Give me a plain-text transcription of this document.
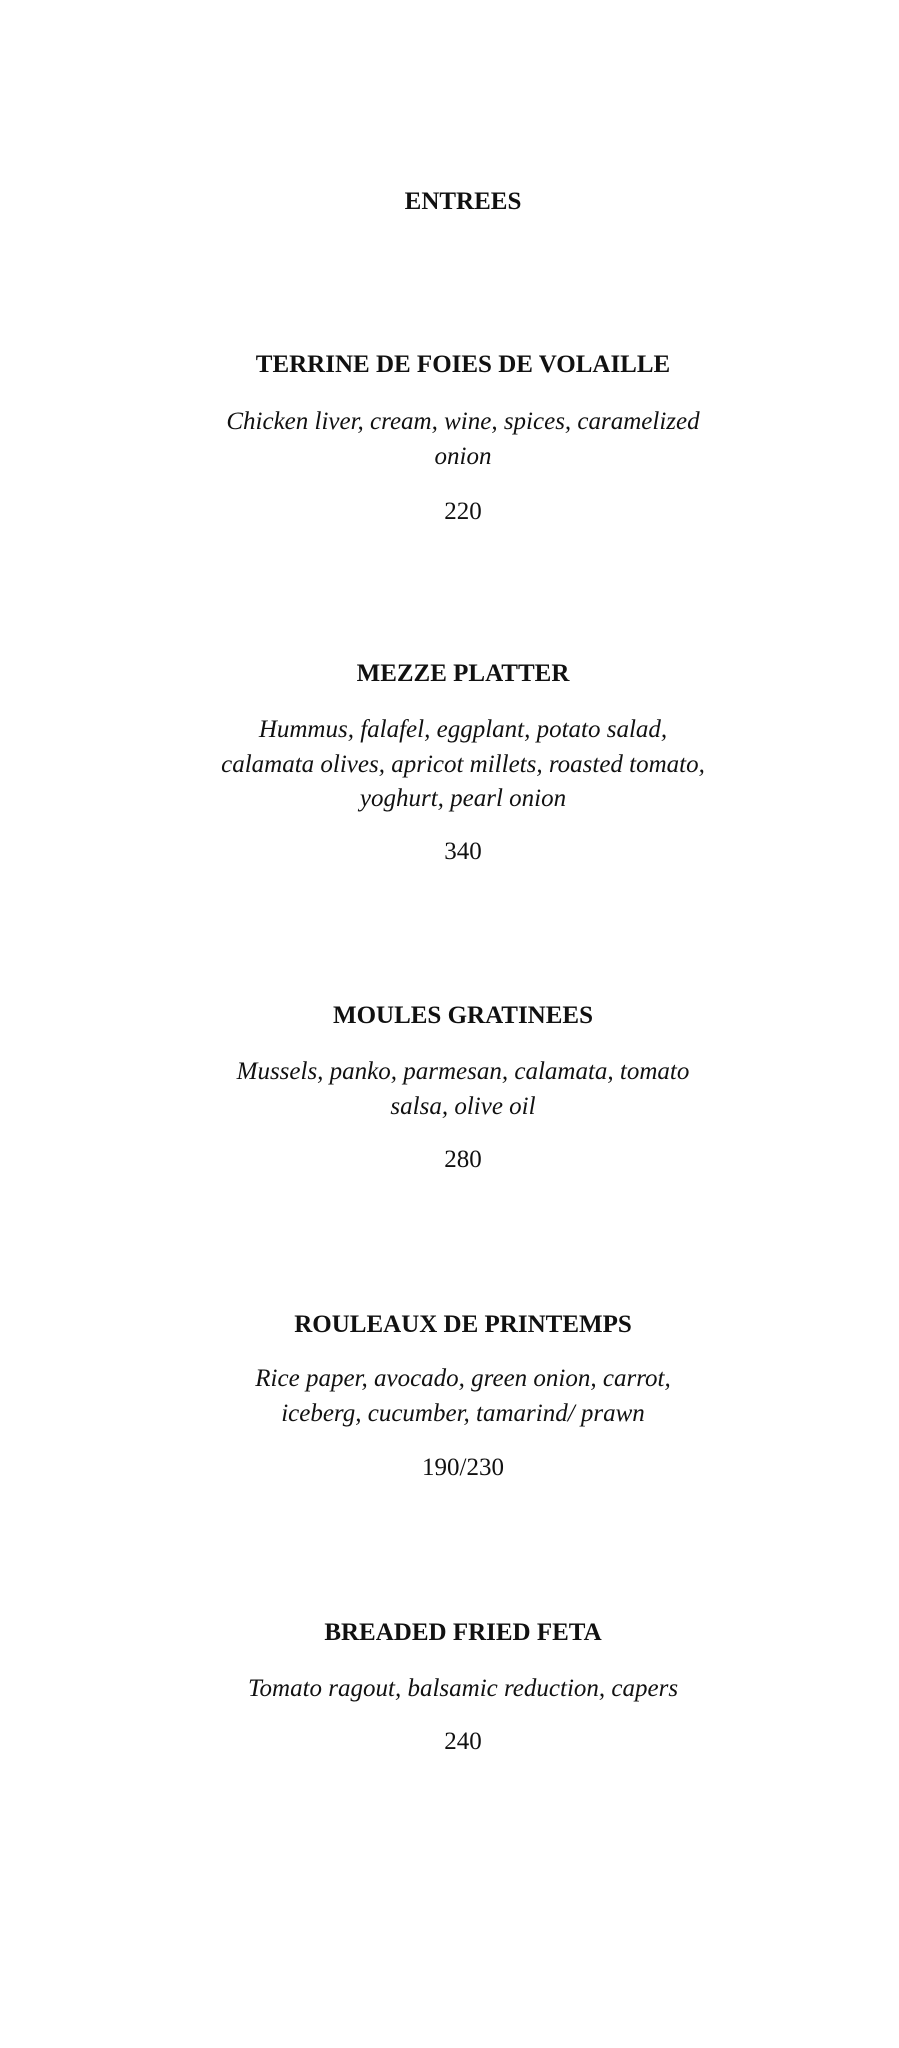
ENTREES
TERRINE DE FOIES DE VOLAILLE
Chicken liver, cream, wine, spices, caramelized
onion
220
MEZZE PLATTER
Hummus, falafel, eggplant, potato salad,
calamata olives, apricot millets, roasted tomato,
yoghurt, pearl onion
340
MOULES GRATINEES
Mussels, panko, parmesan, calamata, tomato
salsa, olive oil
280
ROULEAUX DE PRINTEMPS
Rice paper, avocado, green onion, carrot,
iceberg, cucumber, tamarind/ prawn
190/230
BREADED FRIED FETA
Tomato ragout, balsamic reduction, capers
240
